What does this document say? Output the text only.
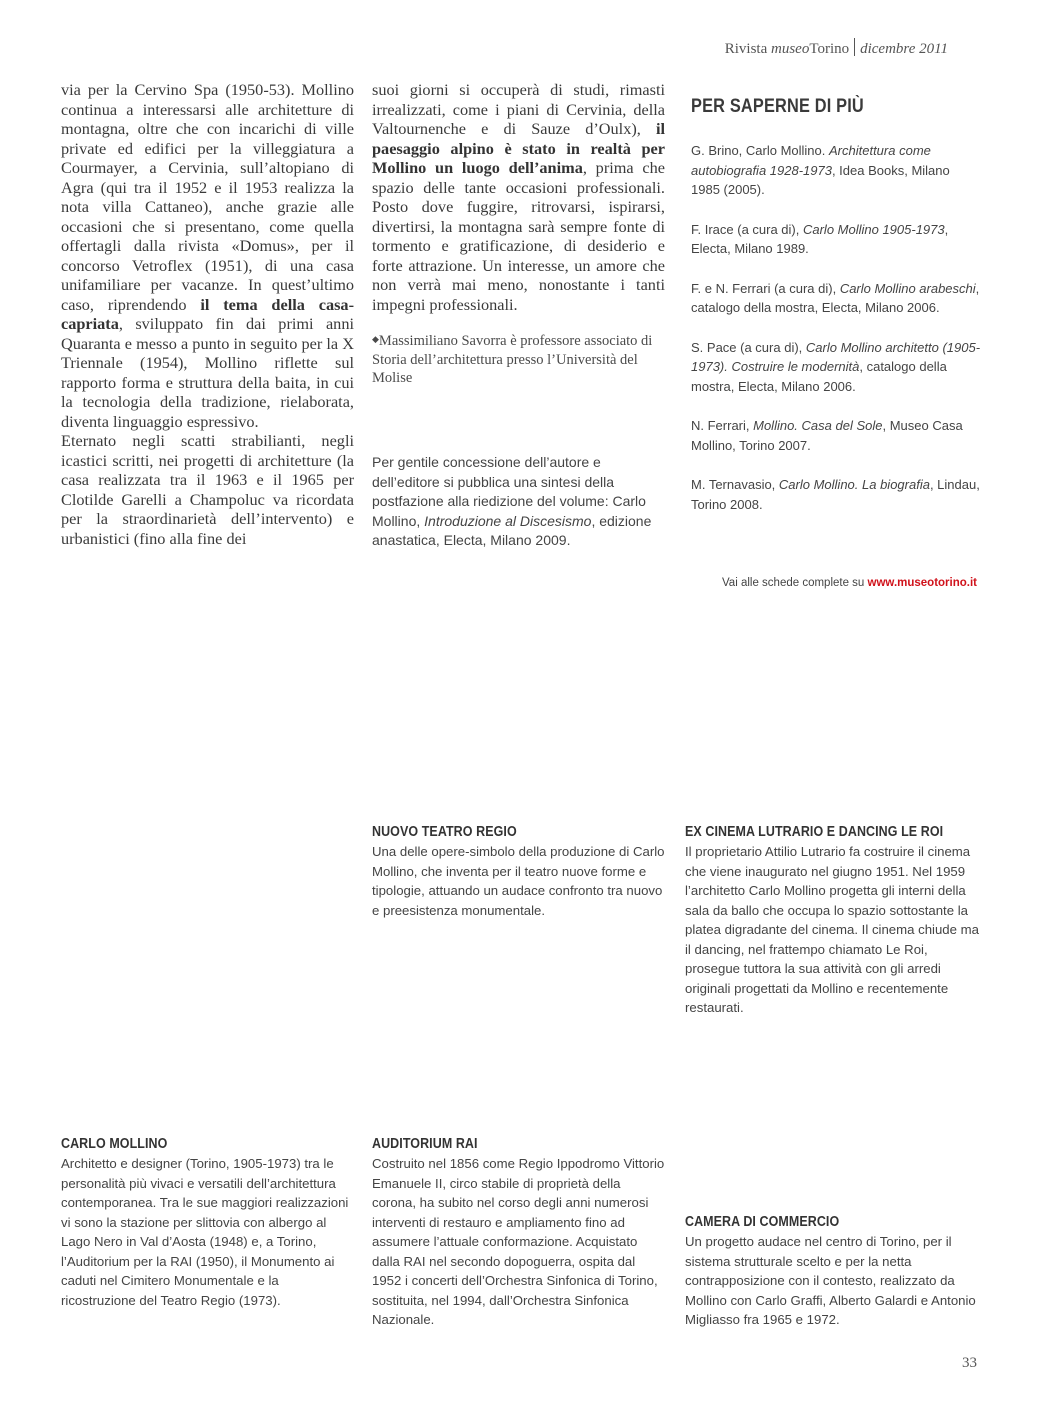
Rivista museoTorino dicembre 2011
via per la Cervino Spa (1950-53). Mollino continua a interessarsi alle architetture di montagna, oltre che con incarichi di ville private ed edifici per la villeggiatura a Courmayer, a Cervinia, sull’altopiano di Agra (qui tra il 1952 e il 1953 realizza la nota villa Cattaneo), anche grazie alle occasioni che si presentano, come quella offertagli dalla rivista «Domus», per il concorso Vetroflex (1951), di una casa unifamiliare per vacanze. In quest’ultimo caso, riprendendo il tema della casa-capriata, sviluppato fin dai primi anni Quaranta e messo a punto in seguito per la X Triennale (1954), Mollino riflette sul rapporto forma e struttura della baita, in cui la tecnologia della tradizione, rielaborata, diventa linguaggio espressivo.
Eternato negli scatti strabilianti, negli icastici scritti, nei progetti di architetture (la casa realizzata tra il 1963 e il 1965 per Clotilde Garelli a Champoluc va ricordata per la straordinarietà dell’intervento) e urbanistici (fino alla fine dei
suoi giorni si occuperà di studi, rimasti irrealizzati, come i piani di Cervinia, della Valtournenche e di Sauze d’Oulx), il paesaggio alpino è stato in realtà per Mollino un luogo dell’anima, prima che spazio delle tante occasioni professionali. Posto dove fuggire, ritrovarsi, ispirarsi, divertirsi, la montagna sarà sempre fonte di tormento e gratificazione, di desiderio e forte attrazione. Un interesse, un amore che non verrà mai meno, nonostante i tanti impegni professionali.
◆Massimiliano Savorra è professore associato di Storia dell’architettura presso l’Università del Molise
Per gentile concessione dell’autore e dell’editore si pubblica una sintesi della postfazione alla riedizione del volume: Carlo Mollino, Introduzione al Discesismo, edizione anastatica, Electa, Milano 2009.
PER SAPERNE DI PIÙ
G. Brino, Carlo Mollino. Architettura come autobiografia 1928-1973, Idea Books, Milano 1985 (2005).
F. Irace (a cura di), Carlo Mollino 1905-1973, Electa, Milano 1989.
F. e N. Ferrari (a cura di), Carlo Mollino arabeschi, catalogo della mostra, Electa, Milano 2006.
S. Pace (a cura di), Carlo Mollino architetto (1905-1973). Costruire le modernità, catalogo della mostra, Electa, Milano 2006.
N. Ferrari, Mollino. Casa del Sole, Museo Casa Mollino, Torino 2007.
M. Ternavasio, Carlo Mollino. La biografia, Lindau, Torino 2008.
Vai alle schede complete su www.museotorino.it
NUOVO TEATRO REGIO

Una delle opere-simbolo della produzione di Carlo Mollino, che inventa per il teatro nuove forme e tipologie, attuando un audace confronto tra nuovo e preesistenza monumentale.

EX CINEMA LUTRARIO E DANCING LE ROI

Il proprietario Attilio Lutrario fa costruire il cinema che viene inaugurato nel giugno 1951. Nel 1959 l’architetto Carlo Mollino progetta gli interni della sala da ballo che occupa lo spazio sottostante la platea digradante del cinema. Il cinema chiude ma il dancing, nel frattempo chiamato Le Roi, prosegue tuttora la sua attività con gli arredi originali progettati da Mollino e recentemente restaurati.

CARLO MOLLINO

Architetto e designer (Torino, 1905-1973) tra le personalità più vivaci e versatili dell’architettura contemporanea. Tra le sue maggiori realizzazioni vi sono la stazione per slittovia con albergo al Lago Nero in Val d’Aosta (1948) e, a Torino, l’Auditorium per la RAI (1950), il Monumento ai caduti nel Cimitero Monumentale e la ricostruzione del Teatro Regio (1973).

AUDITORIUM RAI

Costruito nel 1856 come Regio Ippodromo Vittorio Emanuele II, circo stabile di proprietà della corona, ha subito nel corso degli anni numerosi interventi di restauro e ampliamento fino ad assumere l’attuale conformazione. Acquistato dalla RAI nel secondo dopoguerra, ospita dal 1952 i concerti dell’Orchestra Sinfonica di Torino, sostituita, nel 1994, dall’Orchestra Sinfonica Nazionale.

CAMERA DI COMMERCIO

Un progetto audace nel centro di Torino, per il sistema strutturale scelto e per la netta contrapposizione con il contesto, realizzato da Mollino con Carlo Graffi, Alberto Galardi e Antonio Migliasso fra 1965 e 1972.

33
